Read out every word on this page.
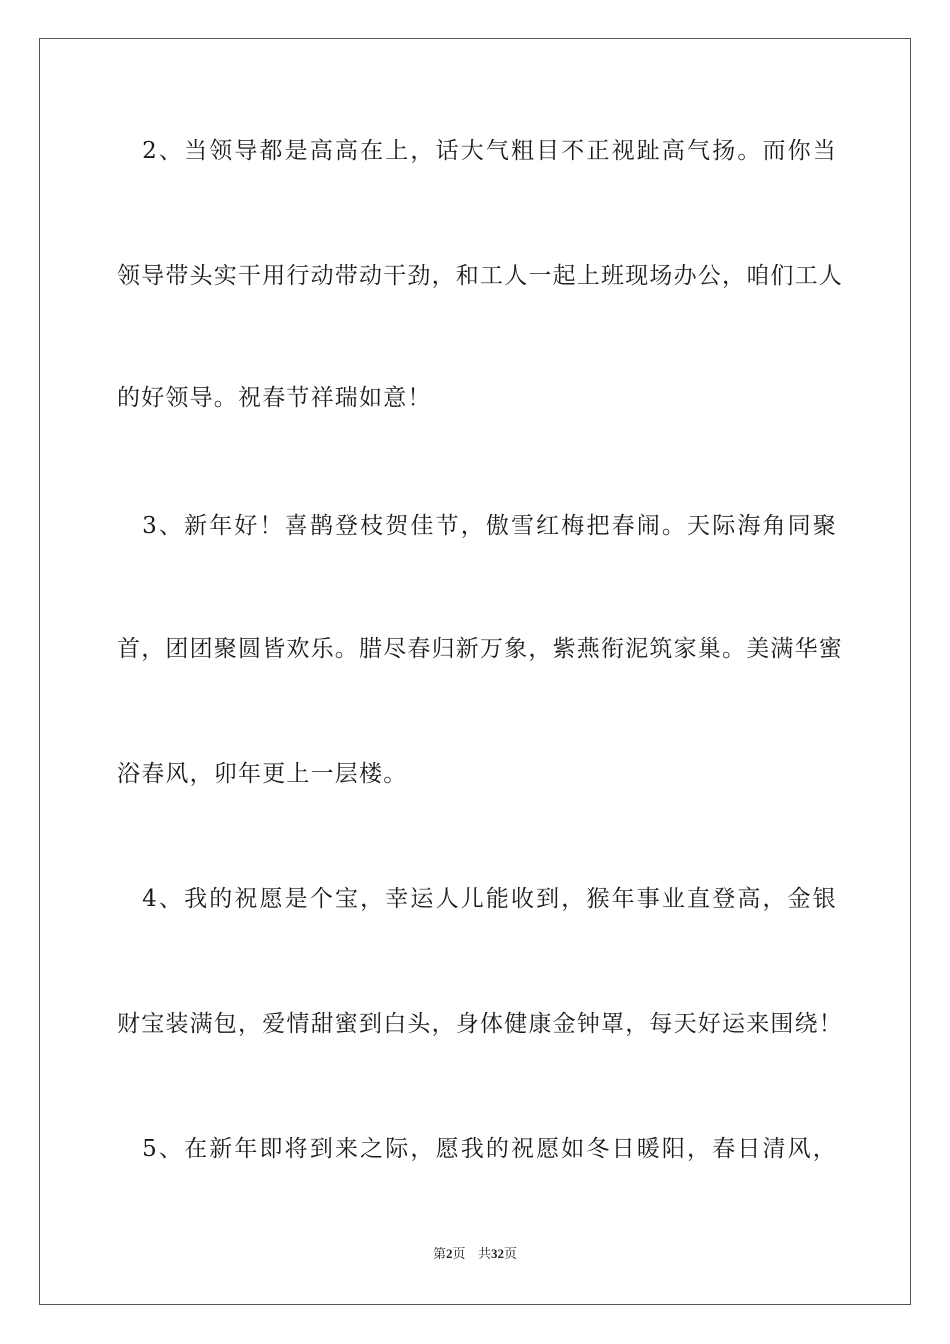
　2、当领导都是高高在上，话大气粗目不正视趾高气扬。而你当
领导带头实干用行动带动干劲，和工人一起上班现场办公，咱们工人
的好领导。祝春节祥瑞如意！
　3、新年好！喜鹊登枝贺佳节，傲雪红梅把春闹。天际海角同聚
首，团团聚圆皆欢乐。腊尽春归新万象，紫燕衔泥筑家巢。美满华蜜
浴春风，卯年更上一层楼。
　4、我的祝愿是个宝，幸运人儿能收到，猴年事业直登高，金银
财宝装满包，爱情甜蜜到白头，身体健康金钟罩，每天好运来围绕！
　5、在新年即将到来之际，愿我的祝愿如冬日暖阳，春日清风，
第2页 共32页
